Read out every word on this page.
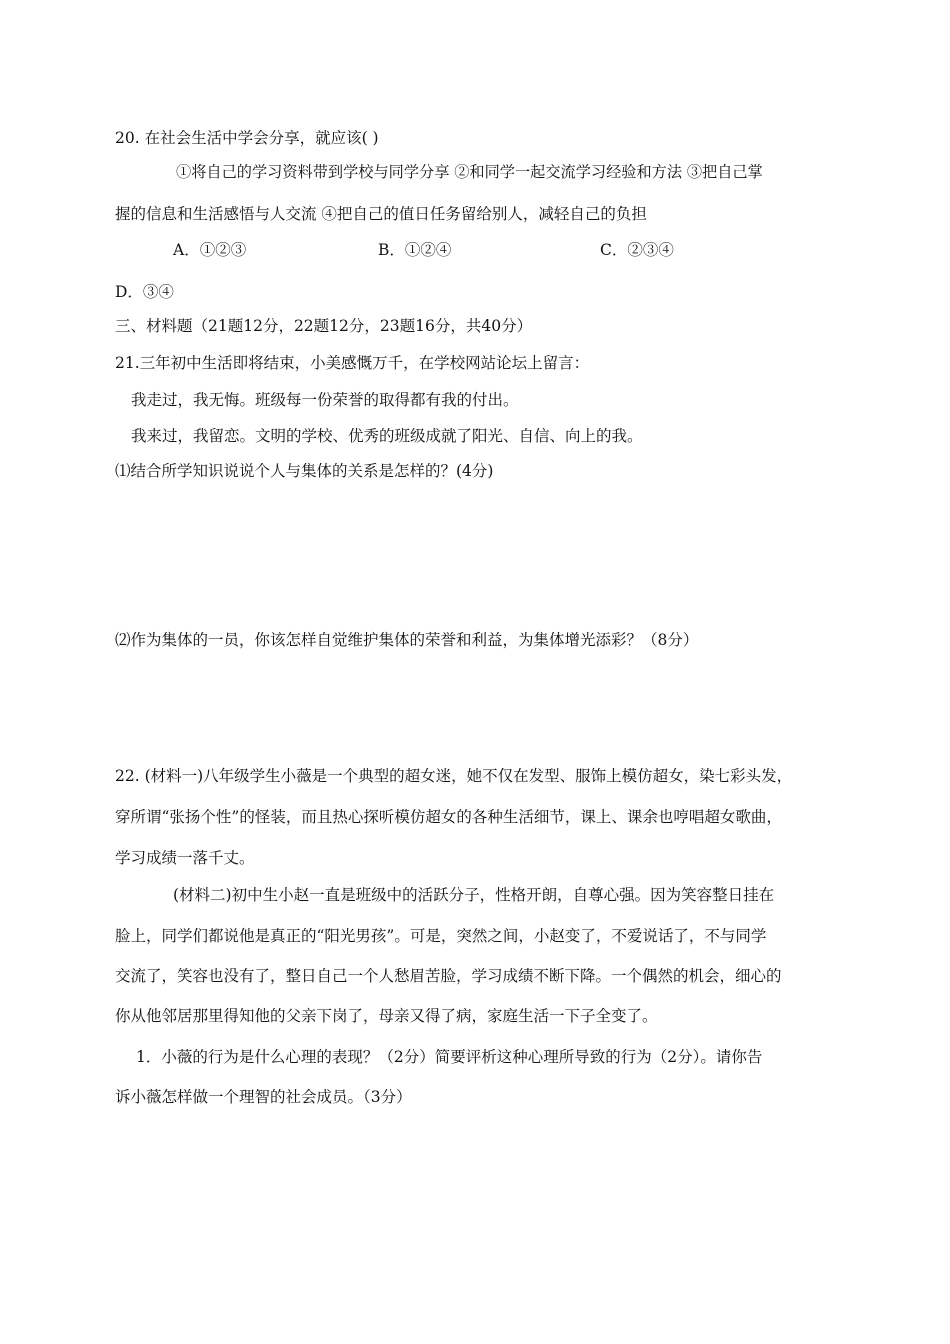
20. 在社会生活中学会分享，就应该( )
①将自己的学习资料带到学校与同学分享 ②和同学一起交流学习经验和方法 ③把自己掌
握的信息和生活感悟与人交流 ④把自己的值日任务留给别人，减轻自己的负担
A．①②③	B．①②④	C．②③④
D．③④
三、材料题（21题12分，22题12分，23题16分，共40分）
21.三年初中生活即将结束，小美感慨万千，在学校网站论坛上留言：
我走过，我无悔。班级每一份荣誉的取得都有我的付出。
我来过，我留恋。文明的学校、优秀的班级成就了阳光、自信、向上的我。
⑴结合所学知识说说个人与集体的关系是怎样的？(4分)
⑵作为集体的一员，你该怎样自觉维护集体的荣誉和利益，为集体增光添彩？（8分）
22. (材料一)八年级学生小薇是一个典型的超女迷，她不仅在发型、服饰上模仿超女，染七彩头发，
穿所谓“张扬个性”的怪装，而且热心探听模仿超女的各种生活细节，课上、课余也哼唱超女歌曲，
学习成绩一落千丈。
(材料二)初中生小赵一直是班级中的活跃分子，性格开朗，自尊心强。因为笑容整日挂在
脸上，同学们都说他是真正的“阳光男孩”。可是，突然之间，小赵变了，不爱说话了，不与同学
交流了，笑容也没有了，整日自己一个人愁眉苦脸，学习成绩不断下降。一个偶然的机会，细心的
你从他邻居那里得知他的父亲下岗了，母亲又得了病，家庭生活一下子全变了。
1．小薇的行为是什么心理的表现？（2分）简要评析这种心理所导致的行为（2分）。请你告
诉小薇怎样做一个理智的社会成员。（3分）
